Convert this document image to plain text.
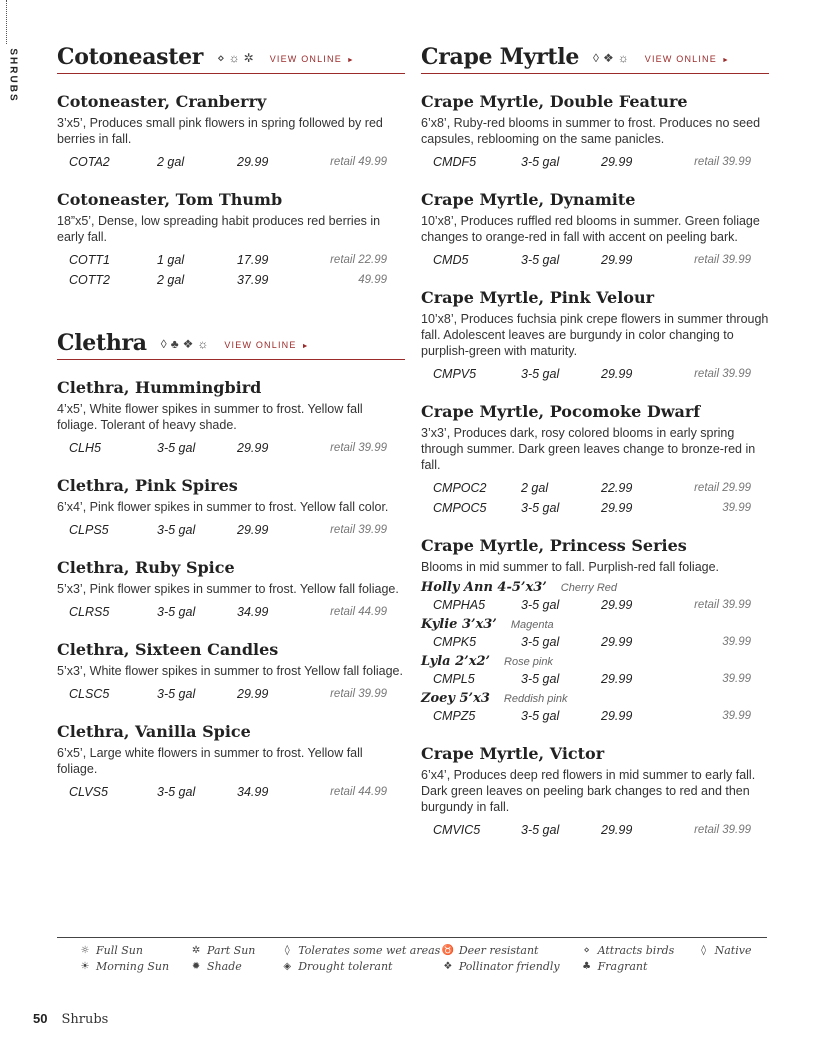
SHRUBS Cotoneaster ⋄ ☼ ✲ VIEW ONLINE ►
Cotoneaster, Cranberry
3’x5’, Produces small pink flowers in spring followed by red berries in fall.
COTA2	2 gal	29.99	retail 49.99
Cotoneaster, Tom Thumb
18”x5’, Dense, low spreading habit produces red berries in early fall.
COTT1	1 gal	17.99	retail 22.99
COTT2	2 gal	37.99	49.99
Clethra ◊ ♣ ❖ ☼ VIEW ONLINE ►
Clethra, Hummingbird
4’x5’, White flower spikes in summer to frost. Yellow fall foliage. Tolerant of heavy shade.
CLH5	3-5 gal	29.99	retail 39.99
Clethra, Pink Spires
6’x4’, Pink flower spikes in summer to frost. Yellow fall color.
CLPS5	3-5 gal	29.99	retail 39.99
Clethra, Ruby Spice
5’x3’, Pink flower spikes in summer to frost. Yellow fall foliage.
CLRS5	3-5 gal	34.99	retail 44.99
Clethra, Sixteen Candles
5’x3’, White flower spikes in summer to frost Yellow fall foliage.
CLSC5	3-5 gal	29.99	retail 39.99
Clethra, Vanilla Spice
6’x5’, Large white flowers in summer to frost. Yellow fall foliage.
CLVS5	3-5 gal	34.99	retail 44.99
Crape Myrtle ◊ ❖ ☼ VIEW ONLINE ►
Crape Myrtle, Double Feature
6’x8’, Ruby-red blooms in summer to frost. Produces no seed capsules, reblooming on the same panicles.
CMDF5	3-5 gal	29.99	retail 39.99
Crape Myrtle, Dynamite
10’x8’, Produces ruffled red blooms in summer. Green foliage changes to orange-red in fall with accent on peeling bark.
CMD5	3-5 gal	29.99	retail 39.99
Crape Myrtle, Pink Velour
10’x8’, Produces fuchsia pink crepe flowers in summer through fall. Adolescent leaves are burgundy in color changing to purplish-green with maturity.
CMPV5	3-5 gal	29.99	retail 39.99
Crape Myrtle, Pocomoke Dwarf
3’x3’, Produces dark, rosy colored blooms in early spring through summer. Dark green leaves change to bronze-red in fall.
CMPOC2	2 gal	22.99	retail 29.99
CMPOC5	3-5 gal	29.99	39.99
Crape Myrtle, Princess Series
Blooms in mid summer to fall. Purplish-red fall foliage.
Holly Ann 4-5’x3’ Cherry Red
CMPHA5	3-5 gal	29.99	retail 39.99
Kylie 3’x3’ Magenta
CMPK5	3-5 gal	29.99	39.99
Lyla 2’x2’ Rose pink
CMPL5	3-5 gal	29.99	39.99
Zoey 5’x3 Reddish pink
CMPZ5	3-5 gal	29.99	39.99
Crape Myrtle, Victor
6’x4’, Produces deep red flowers in mid summer to early fall. Dark green leaves on peeling bark changes to red and then burgundy in fall.
CMVIC5	3-5 gal	29.99	retail 39.99
☼ Full Sun
☀ Morning Sun
✲ Part Sun
✹ Shade
◊ Tolerates some wet areas
◈ Drought tolerant
♉ Deer resistant
❖ Pollinator friendly
⋄ Attracts birds
♣ Fragrant
◊ Native
50 Shrubs
